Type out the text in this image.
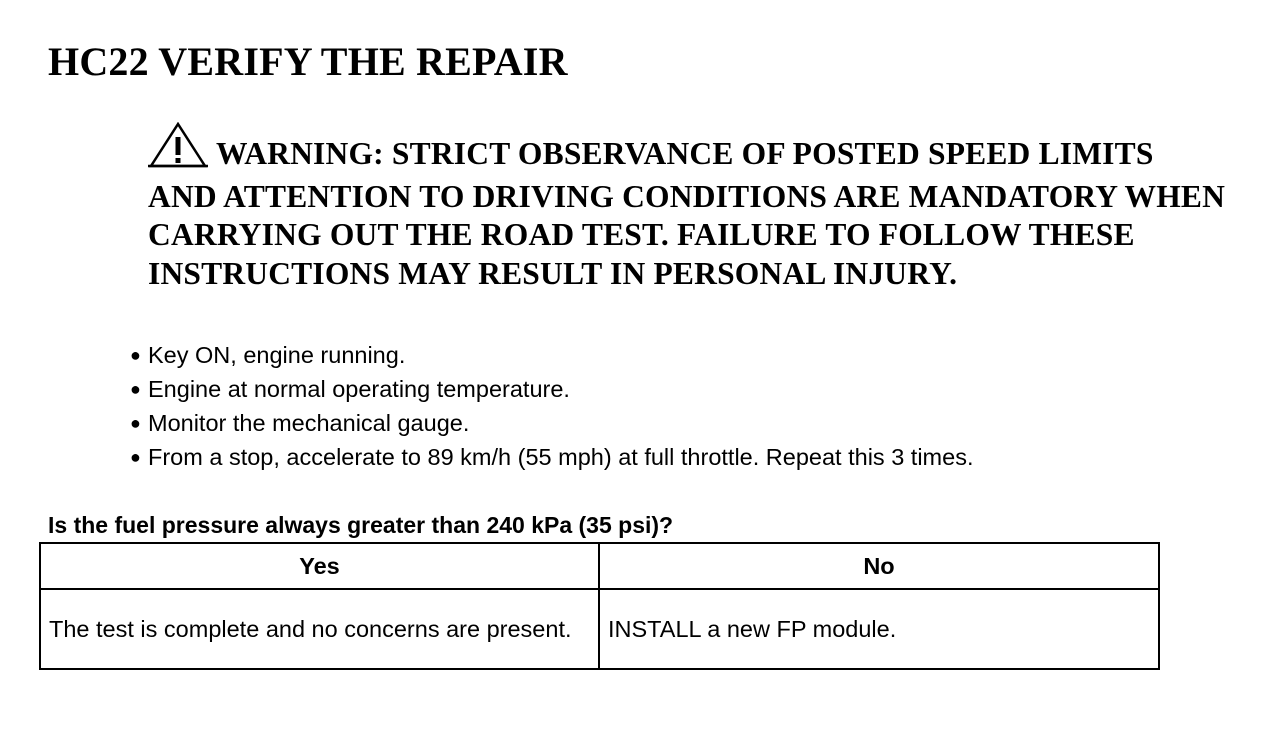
HC22 VERIFY THE REPAIR
WARNING: STRICT OBSERVANCE OF POSTED SPEED LIMITS AND ATTENTION TO DRIVING CONDITIONS ARE MANDATORY WHEN CARRYING OUT THE ROAD TEST. FAILURE TO FOLLOW THESE INSTRUCTIONS MAY RESULT IN PERSONAL INJURY.
● Key ON, engine running.
● Engine at normal operating temperature.
● Monitor the mechanical gauge.
● From a stop, accelerate to 89 km/h (55 mph) at full throttle. Repeat this 3 times.
Is the fuel pressure always greater than 240 kPa (35 psi)?
Yes	No
The test is complete and no concerns are present.	INSTALL a new FP module.
